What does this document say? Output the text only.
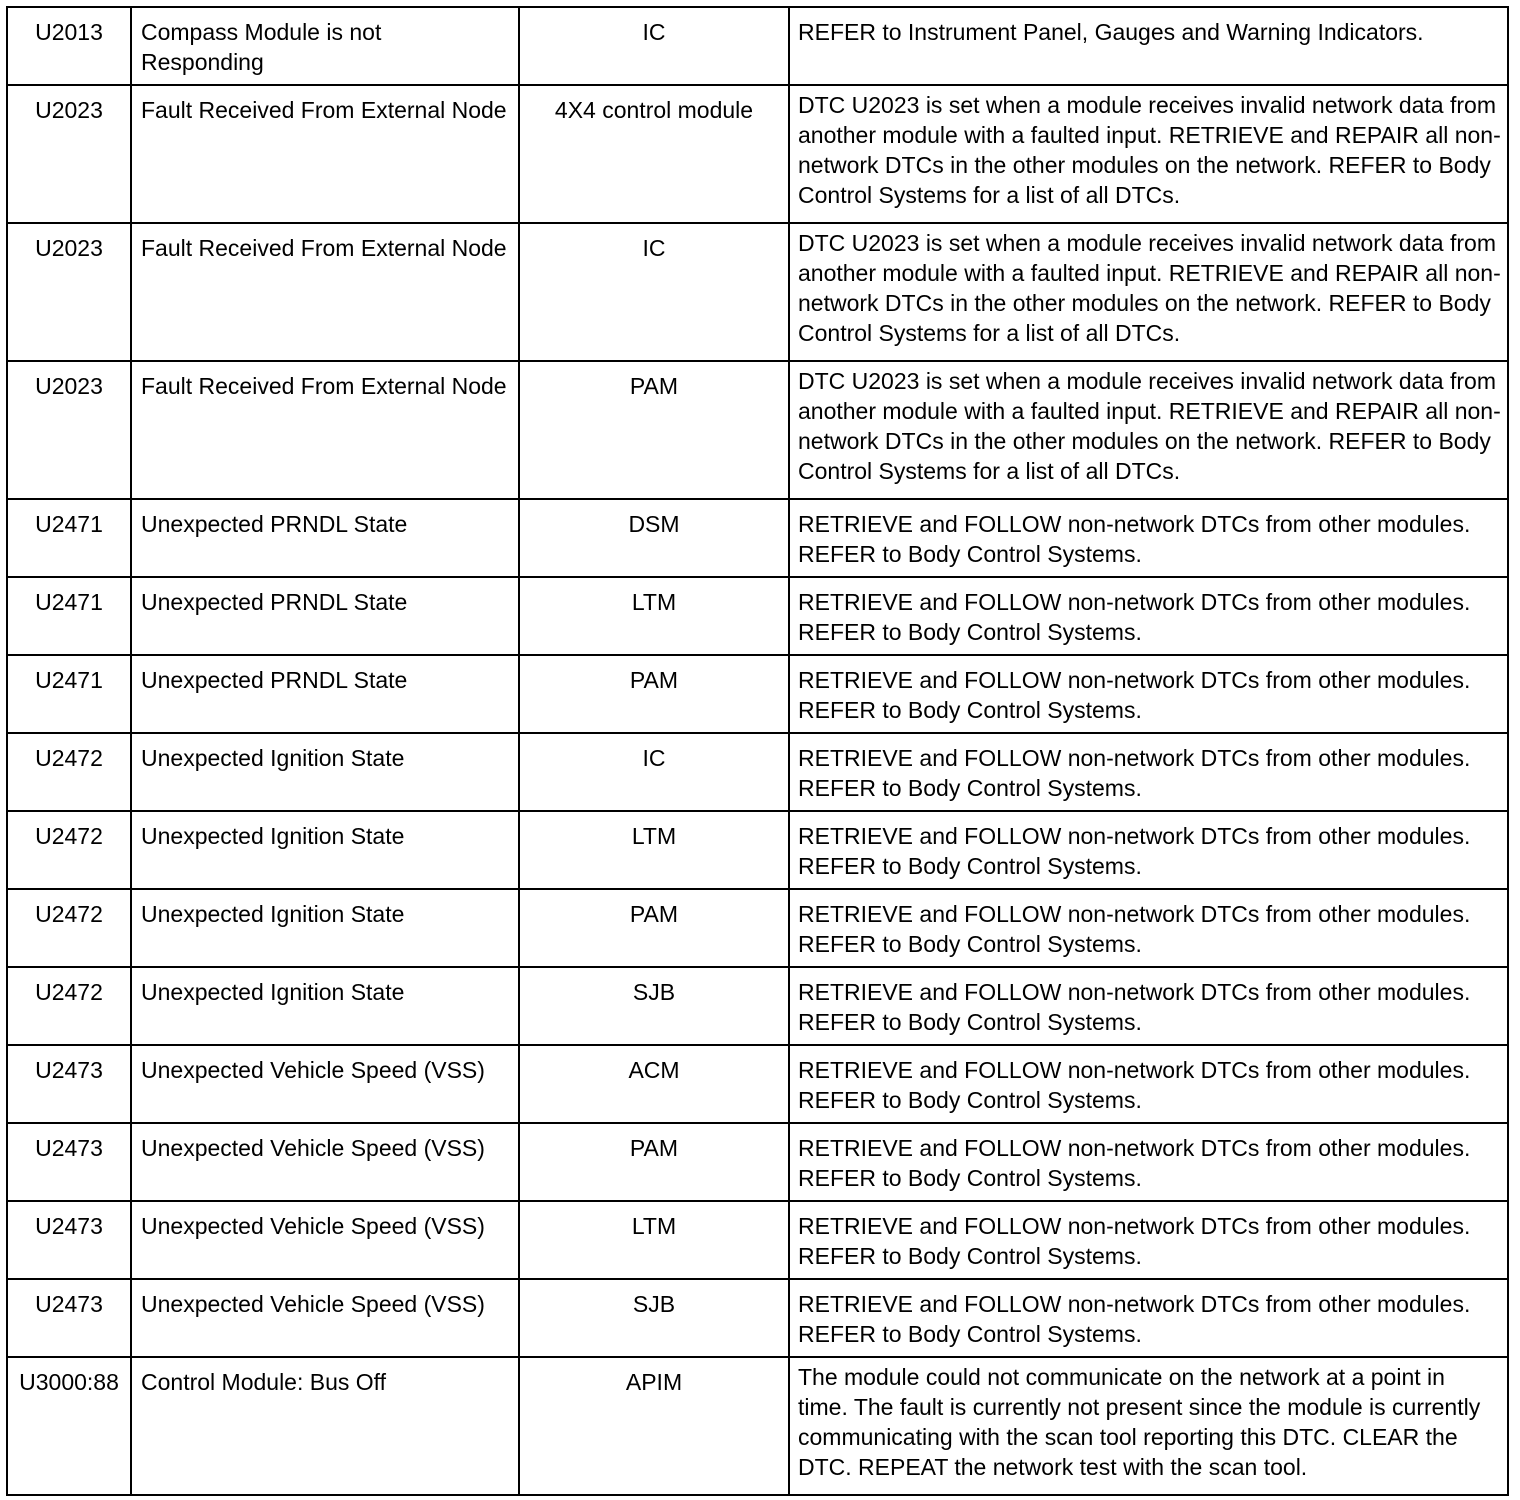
U2013	Compass Module is not Responding	IC	REFER to Instrument Panel, Gauges and Warning Indicators.
U2023	Fault Received From External Node	4X4 control module	DTC U2023 is set when a module receives invalid network data from another module with a faulted input. RETRIEVE and REPAIR all non-network DTCs in the other modules on the network. REFER to Body Control Systems for a list of all DTCs.
U2023	Fault Received From External Node	IC	DTC U2023 is set when a module receives invalid network data from another module with a faulted input. RETRIEVE and REPAIR all non-network DTCs in the other modules on the network. REFER to Body Control Systems for a list of all DTCs.
U2023	Fault Received From External Node	PAM	DTC U2023 is set when a module receives invalid network data from another module with a faulted input. RETRIEVE and REPAIR all non-network DTCs in the other modules on the network. REFER to Body Control Systems for a list of all DTCs.
U2471	Unexpected PRNDL State	DSM	RETRIEVE and FOLLOW non-network DTCs from other modules. REFER to Body Control Systems.
U2471	Unexpected PRNDL State	LTM	RETRIEVE and FOLLOW non-network DTCs from other modules. REFER to Body Control Systems.
U2471	Unexpected PRNDL State	PAM	RETRIEVE and FOLLOW non-network DTCs from other modules. REFER to Body Control Systems.
U2472	Unexpected Ignition State	IC	RETRIEVE and FOLLOW non-network DTCs from other modules. REFER to Body Control Systems.
U2472	Unexpected Ignition State	LTM	RETRIEVE and FOLLOW non-network DTCs from other modules. REFER to Body Control Systems.
U2472	Unexpected Ignition State	PAM	RETRIEVE and FOLLOW non-network DTCs from other modules. REFER to Body Control Systems.
U2472	Unexpected Ignition State	SJB	RETRIEVE and FOLLOW non-network DTCs from other modules. REFER to Body Control Systems.
U2473	Unexpected Vehicle Speed (VSS)	ACM	RETRIEVE and FOLLOW non-network DTCs from other modules. REFER to Body Control Systems.
U2473	Unexpected Vehicle Speed (VSS)	PAM	RETRIEVE and FOLLOW non-network DTCs from other modules. REFER to Body Control Systems.
U2473	Unexpected Vehicle Speed (VSS)	LTM	RETRIEVE and FOLLOW non-network DTCs from other modules. REFER to Body Control Systems.
U2473	Unexpected Vehicle Speed (VSS)	SJB	RETRIEVE and FOLLOW non-network DTCs from other modules. REFER to Body Control Systems.
U3000:88	Control Module: Bus Off	APIM	The module could not communicate on the network at a point in time. The fault is currently not present since the module is currently communicating with the scan tool reporting this DTC. CLEAR the DTC. REPEAT the network test with the scan tool.
